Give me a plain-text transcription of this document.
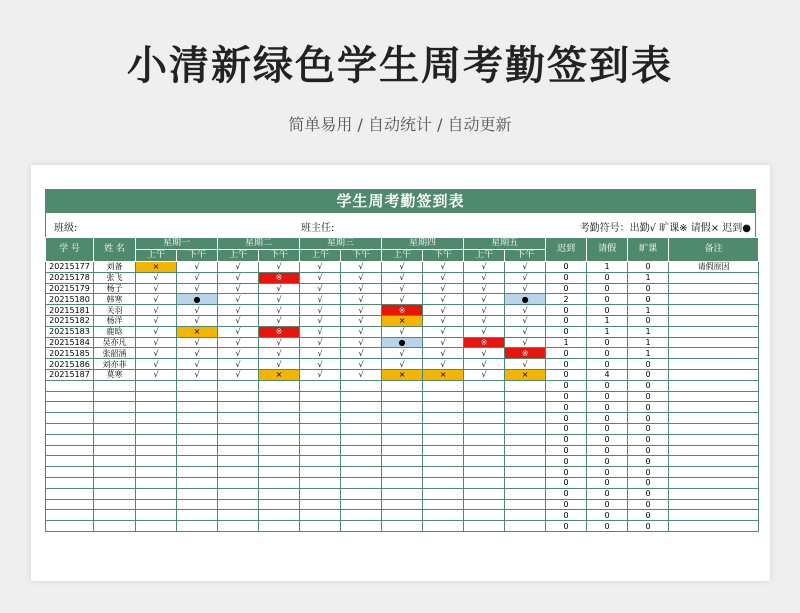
小清新绿色学生周考勤签到表
简单易用 / 自动统计 / 自动更新
学生周考勤签到表
班级:	班主任:	考勤符号：出勤√ 旷课※ 请假× 迟到●
学 号	姓 名	星期一		星期二		星期三		星期四		星期五		迟到	请假	旷课	备注
		上午	下午	上午	下午	上午	下午	上午	下午	上午	下午				
20215177	刘备	×	√	√	√	√	√	√	√	√	√	0	1	0	请假原因
20215178	张飞	√	√	√	※	√	√	√	√	√	√	0	0	1	
20215179	杨子	√	√	√	√	√	√	√	√	√	√	0	0	0	
20215180	韩寒	√	●	√	√	√	√	√	√	√	●	2	0	0	
20215181	关羽	√	√	√	√	√	√	※	√	√	√	0	0	1	
20215182	杨洋	√	√	√	√	√	√	×	√	√	√	0	1	0	
20215183	鹿晗	√	×	√	※	√	√	√	√	√	√	0	1	1	
20215184	吴亦凡	√	√	√	√	√	√	●	√	※	√	1	0	1	
20215185	张韶涵	√	√	√	√	√	√	√	√	√	※	0	0	1	
20215186	刘亦菲	√	√	√	√	√	√	√	√	√	√	0	0	0	
20215187	莫寒	√	√	√	×	√	√	×	×	√	×	0	4	0	
												0	0	0	
												0	0	0	
												0	0	0	
												0	0	0	
												0	0	0	
												0	0	0	
												0	0	0	
												0	0	0	
												0	0	0	
												0	0	0	
												0	0	0	
												0	0	0	
												0	0	0	
												0	0	0	
